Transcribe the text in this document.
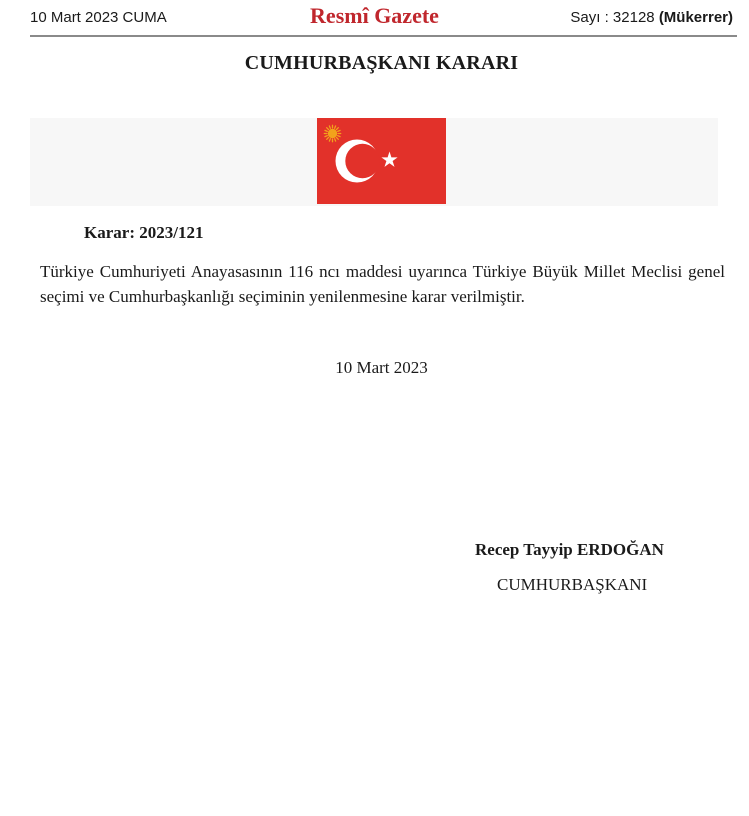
10 Mart 2023 CUMA	Resmî Gazete	Sayı : 32128 (Mükerrer)
CUMHURBAŞKANI KARARI
Karar: 2023/121
Türkiye Cumhuriyeti Anayasasının 116 ncı maddesi uyarınca Türkiye Büyük Millet Meclisi genel seçimi ve Cumhurbaşkanlığı seçiminin yenilenmesine karar verilmiştir.
10 Mart 2023
Recep Tayyip ERDOĞAN
CUMHURBAŞKANI
